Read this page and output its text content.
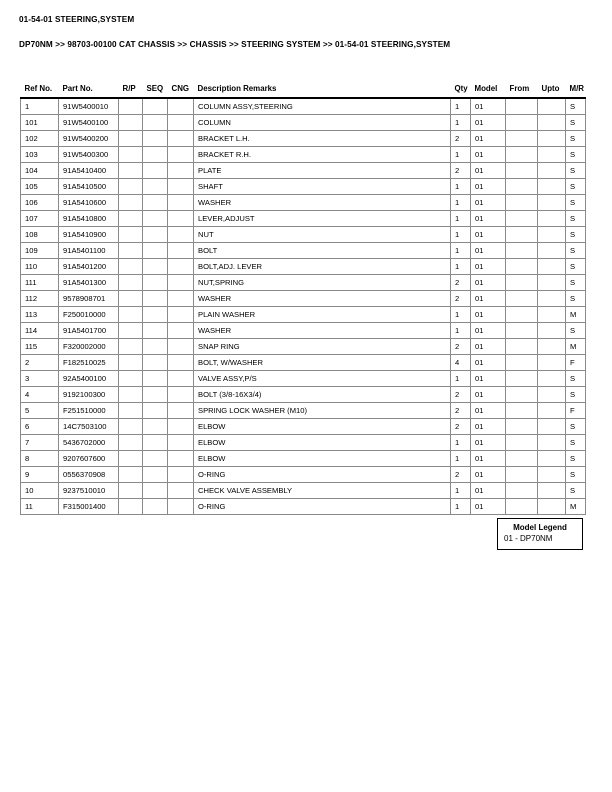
01-54-01 STEERING,SYSTEM
DP70NM >> 98703-00100 CAT CHASSIS >> CHASSIS >> STEERING SYSTEM >> 01-54-01 STEERING,SYSTEM
Ref No.	Part No.	R/P	SEQ	CNG	Description Remarks	Qty	Model	From	Upto	M/R
1	91W5400010				COLUMN ASSY,STEERING	1	01			S
101	91W5400100				COLUMN	1	01			S
102	91W5400200				BRACKET L.H.	2	01			S
103	91W5400300				BRACKET R.H.	1	01			S
104	91A5410400				PLATE	2	01			S
105	91A5410500				SHAFT	1	01			S
106	91A5410600				WASHER	1	01			S
107	91A5410800				LEVER,ADJUST	1	01			S
108	91A5410900				NUT	1	01			S
109	91A5401100				BOLT	1	01			S
110	91A5401200				BOLT,ADJ. LEVER	1	01			S
111	91A5401300				NUT,SPRING	2	01			S
112	9578908701				WASHER	2	01			S
113	F250010000				PLAIN WASHER	1	01			M
114	91A5401700				WASHER	1	01			S
115	F320002000				SNAP RING	2	01			M
2	F182510025				BOLT, W/WASHER	4	01			F
3	92A5400100				VALVE ASSY,P/S	1	01			S
4	9192100300				BOLT (3/8-16X3/4)	2	01			S
5	F251510000				SPRING LOCK WASHER (M10)	2	01			F
6	14C7503100				ELBOW	2	01			S
7	5436702000				ELBOW	1	01			S
8	9207607600				ELBOW	1	01			S
9	0556370908				O-RING	2	01			S
10	9237510010				CHECK VALVE ASSEMBLY	1	01			S
11	F315001400				O-RING	1	01			M
Model Legend
01 - DP70NM
